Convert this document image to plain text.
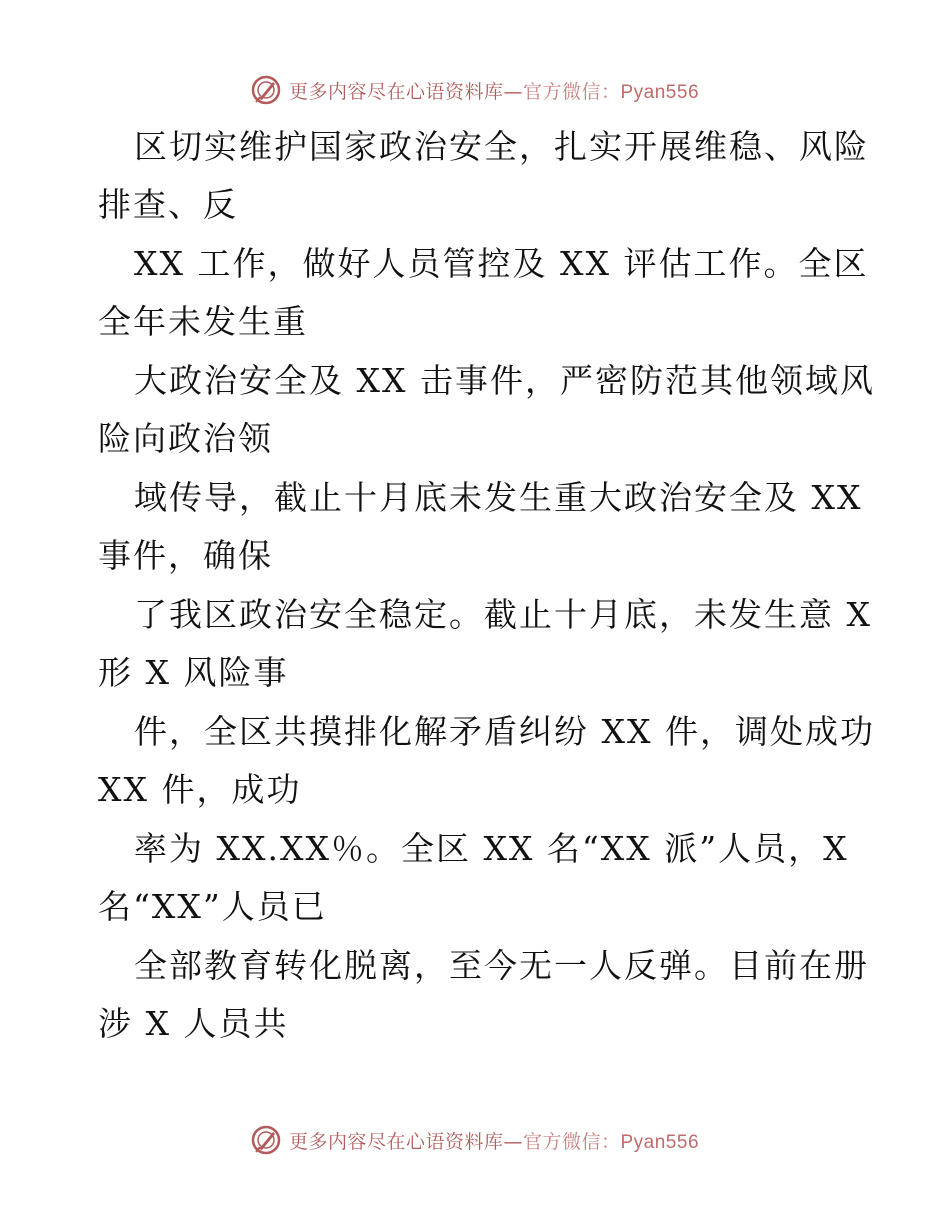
更多内容尽在心语资料库—官方微信：Pyan556
区切实维护国家政治安全，扎实开展维稳、风险
排查、反
XX 工作，做好人员管控及 XX 评估工作。全区
全年未发生重
大政治安全及 XX 击事件，严密防范其他领域风
险向政治领
域传导，截止十月底未发生重大政治安全及 XX
事件，确保
了我区政治安全稳定。截止十月底，未发生意 X
形 X 风险事
件，全区共摸排化解矛盾纠纷 XX 件，调处成功
XX 件，成功
率为 XX.XX％。全区 XX 名“XX 派”人员，X
名“XX”人员已
全部教育转化脱离，至今无一人反弹。目前在册
涉 X 人员共
更多内容尽在心语资料库—官方微信：Pyan556
